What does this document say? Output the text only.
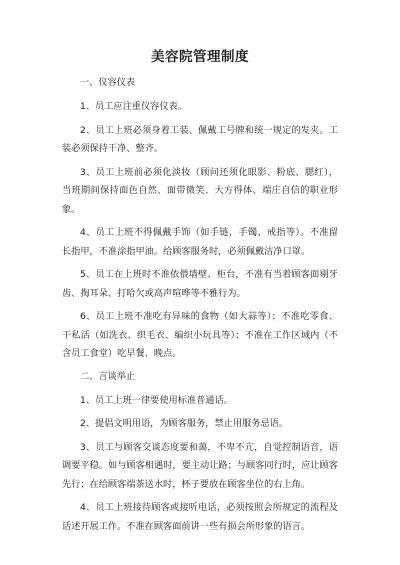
美容院管理制度

一、仪容仪表

1、员工应注重仪容仪表。

2、员工上班必须身着工装、佩戴工号牌和统一规定的发夹。工装必须保持干净、整齐。

3、员工上班前必须化淡妆（顾问还须化眼影、粉底、腮红），当班期间保持面色自然、面带微笑、大方得体、端庄自信的职业形象。

4、员工上班不得佩戴手饰（如手链、手镯、戒指等）。不准留长指甲，不准涂指甲油。给顾客服务时，必须佩戴洁净口罩。

5、员工在上班时不准依偎墙壁、柜台，不准有当着顾客面剔牙齿、掏耳朵、打哈欠或高声喧哗等不雅行为。

6、员工上班不准吃有异味的食物（如大蒜等）；不准吃零食、干私活（如洗衣、织毛衣、编织小玩具等）；不准在工作区域内（不含员工食堂）吃早餐、晚点。

二、言谈举止

1、员工上班一律要使用标准普通话。

2、提倡文明用语，为顾客服务，禁止用服务忌语。

3、员工与顾客交谈态度要和蔼，不卑不亢，自觉控制语音，语调要平稳。如与顾客相遇时，要主动让路；与顾客同行时，应让顾客先行；在给顾客端茶送水时，杯子要放在顾客坐位的右上角。

4、员工上班接待顾客或接听电话，必须按照会所规定的流程及话述开展工作。不准在顾客面前讲一些有损会所形象的语言。
